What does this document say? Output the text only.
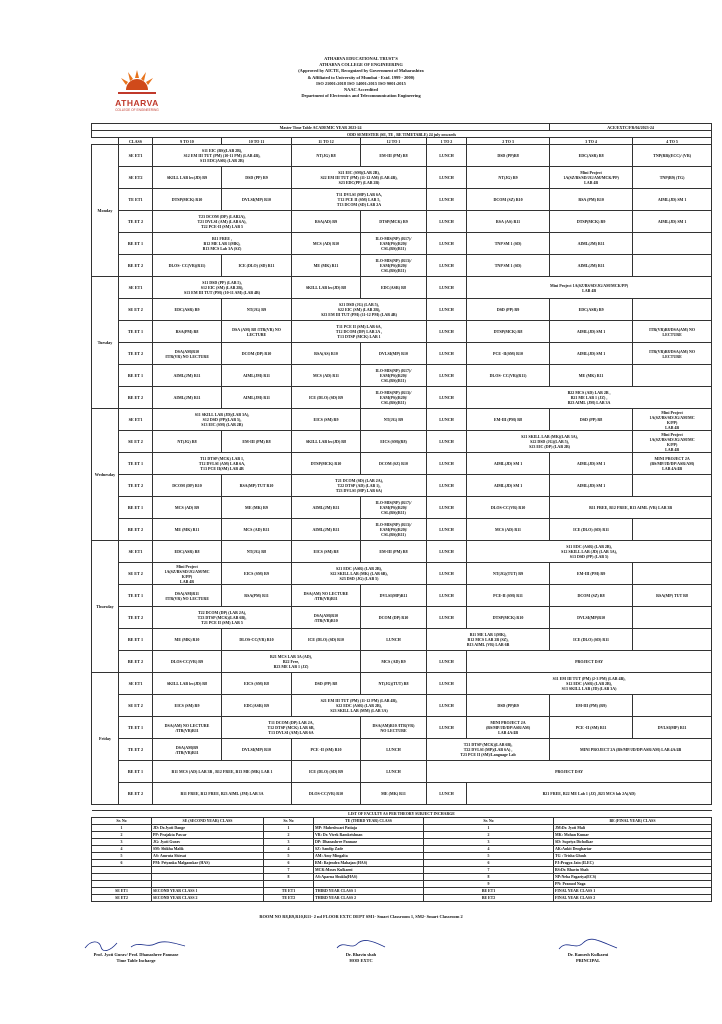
ATHARVA
COLLEGE OF ENGINEERING
ATHARVA EDUCATIONAL TRUST'S
ATHARVA COLLEGE OF ENGINEERING
(Approved by AICTE, Recognized by Government of Maharashtra
& Affiliated to University of Mumbai - Estd. 1999 - 2000)
ISO 21001:2018 ISO 14001:2015 ISO 9001:2015
NAAC Accredited
Department of Electronics and Telecommunication Engineering
Master Time Table ACADEMIC YEAR 2023-24								ACE/EXTC/FR/04/2023-24		
ODD SEMESTER (SE, TE , BE TIMETABLE) 24 july onwards										
	CLASS	9 TO 10	10 TO 11	11 TO 12	12 TO 1	1 TO 2	2 TO 3	3 TO 4	4 TO 5	
Monday	SE ET1	S11 EIC (BS)(LAB 2B),
S12 EM III TUT (PM) (10-11 PM) (LAB 4B),
S13 EDC(ASR) (LAB 2B)		NT(JG) R8	EM-III (PM) R8	LUNCH	DSD (PP)R8	EDC(ASR) R8	TNP(RB)(ECC)/ (VR)	
	SE ET2	SKILL LAB lec(JD) R9	DSD (PP) R9	S21 EIC (SM)(LAB 2B),
S22 EM III TUT (PM) (11-12 AM) (LAB 4B),
S23 EDC(PP) (LAB 2B)		LUNCH	NT(JG) R9	Mini Project
1A(SZ/BS/SD/JG/AM/MCK/PP)
LAB 4B	TNP(B9) (TG)	
	TE ET1	DTSP(MCK) R10	DVLSI(MP) R10	T11 DVLSI (MP) LAB 6A,
T12 PCE II (SM) LAB 5,
T13 DCOM (SD) LAB 2A		LUNCH	DCOM (SZ) R10	RSA (PM) R10	AIML(JD) SM 1	
	TE ET 2	T23 DCOM (DP) (LAB2A),
T21 DVLSI (AM) (LAB 6A),
T22 PCE-II (SM) LAB 5		RSA(AD) R9	DTSP(MCK) R9	LUNCH	RSA (AS) R11	DTSP(MCK) R9	AIML(JD) SM 1	
	BE ET 1	B11 FREE ,
B12 ME LAB 1(MK),
B13 MCS Lab 3A (SZ)		MCS (AD) R10	ILO-MIS(NP) (R17)/
EAM(PS)(R20)/
CSL(BS)(R11)	LUNCH	TNP SM 1 (SD)	AIML(JM) R11		
	BE ET 2	DLOS- CC(VR)(R11)	ICE (DLO) (SD) R11	ME (MK) R11	ILO-MIS(NP) (R13)/
EAM(PS)(R20)/
CSL(BS)(R11)	LUNCH	TNP SM 1 (SD)	AIML(JM) R11		
Tuesday	SE ET1	S11 DSD (PP) (LAB 5),
S12 EIC (SM) (LAB 2B),
S13 EM III TUT (PM) (10-11 AM) (LAB 4B)		SKILL LAB lec(JD) R8	EDC(ASR) R8	LUNCH	Mini Project 1A(SZ/BS/SD/JG/AM/MCK/PP)
LAB 4B			
	SE ET 2	EDC(ASR) R9	NT(JG) R9	S21 DSD (JG) (LAB 5),
S22 EIC (SM) (LAB 2B),
S23 EM III TUT (PM) (11-12 PM) (LAB 4B)		LUNCH	DSD (PP) R9	EDC(ASR) R9		
	TE ET 1	RSA(PM) R8	DSA (AM) R8 /ITR(VR) NO
LECTURE	T11 PCE II (SM) LAB 6A,
T12 DCOM (DP) LAB 2A ,
T13 DTSP (MCK) LAB 1		LUNCH	DTSP(MCK) R8	AIML(JD) SM 1	ITR(VR)R8/DSA(AM) NO
LECTURE	
	TE ET 2	DSA(AM)R10
/ITR(VR) NO LECTURE	DCOM (DP) R10	RSA(AS) R10	DVLSI(MP) R10	LUNCH	PCE -II(SM) R10	AIML(JD) SM 1	ITR(VR)R8/DSA(AM) NO
LECTURE	
	BE ET 1	AIML(JM) R11	AIML(JM) R11	MCS (AD) R11	ILO-MIS(NP) (R17)/
EAM(PS)(R20)/
CSL(BS)(R11)	LUNCH	DLOS- CC(VR)(R11)	ME (MK) R11		
	BE ET 2	AIML(JM) R11	AIML(JM) R11	ICE (DLO) (SD) R9	ILO-MIS(NP) (R13)/
EAM(PS)(R20)/
CSL(BS)(R11)	LUNCH	B22 MCS (AD) LAB 2B ,
B21 ME LAB 1 (JZ) ,
B23 AIML (JM) LAB 3A			
Wednesday	SE ET1	S11 SKILL LAB (JD)(LAB 3A),
S12 DSD (PP)(LAB 5),
S13 EIC (SM) (LAB 2B)		EICS (SM) R9	NT(JG) R9	LUNCH	EM-III (PM) R8	DSD (PP) R8	Mini Project
1A(SZ/BS/SD/JG/AM/MC
K/PP)
LAB 4B	
	SE ET 2	NT(JG) R8	EM-III (PM) R8	SKILL LAB lec(JD) R8	EICS (SM)(R8)	LUNCH	S21 SKILL LAB (MK)(LAB 3A),
S22 DSD (JG)(LAB 5),
S23 EIC (DP) (LAB 2B)		Mini Project
1A(SZ/BS/SD/JG/AM/MC
K/PP)
LAB 4B	
	TE ET 1	T11 DTSP (MCK) LAB 1,
T12 DVLSI (AM) LAB 6A,
T13 PCE II(SM) LAB 4B		DTSP(MCK) R10	DCOM (SZ) R10	LUNCH	AIML(JD) SM 1	AIML(JD) SM 1	MINI PROJECT 2A
(BS/MP/JD/DP/ASR/AM)
LAB 4A/4B	
	TE ET 2	DCOM (DP) R10	RSA(MP) TUT R10	T21 DCOM (SD) (LAB 2A),
T22 DTSP (AD) (LAB 1),
T23 DVLSI (MP) LAB 6A)		LUNCH	AIML(JD) SM 1	AIML(JD) SM 1		
	BE ET 1	MCS (AD) R9	ME (MK) R9	AIML(JM) R11	ILO-MIS(NP) (R17)/
EAM(PS)(R20)/
CSL(BS)(R11)	LUNCH	DLOS-CC(VR) R10	B11 FREE, B12 FREE, B13 AIML (VR) LAB 3B		
	BE ET 2	ME (MK) R11	MCS (AD) R11	AIML(JM) R11	ILO-MIS(NP) (R13)/
EAM(PS)(R20)/
CSL(BS)(R11)	LUNCH	MCS (AD) R11	ICE (DLO) (SD) R11		
Thursday	SE ET1	EDC(ASR) R8	NT(JG) R8	EICS (SM) R8	EM-III (PM) R8	LUNCH	S11 EDC (ASR) (LAB 2B),
S12 SKILL LAB (JD) (LAB 3A),
S13 DSD (PP) (LAB 5)			
	SE ET 2	Mini Project
1A(SZ/BS/SD/JG/AM/MC
K/PP)
LAB 4B	EICS (SM) R9	S21 EDC (ASR) (LAB 2B),
S22 SKILL LAB (MK) (LAB 6B),
S23 DSD (JG) (LAB 5)		LUNCH	NT(JG)(TUT) R9	EM-III (PM) R9		
	TE ET 1	DSA(AM)R11
/ITR(VR) NO LECTURE	RSA(PM) R11	DSA(AM) NO LECTURE
/ITR(VR)R11	DVLSI(MP)R11	LUNCH	PCE-II (SM) R11	DCOM (SZ) R8	RSA(MP) TUT R8	
	TE ET 2	T22 DCOM (DP) (LAB 2A),
T23 DTSP (MCK)(LAB 6B),
T21 PCE II (SM) LAB 5		DSA(AM)R10
/ITR(VR)R10	DCOM (DP) R10	LUNCH	DTSP(MCK) R10	DVLSI(MP)R10		
	BE ET 1	ME (MK) R10	DLOS-CC(VR) R10	ICE (DLO) (SD) R10	LUNCH	B11 ME LAB 1(MK),
B12 MCS LAB 2B (SZ),
B13 AIML (VR) LAB 6B		ICE (DLO) (SD) R11		
	BE ET 2	DLOS-CC(VR) R9	B21 MCS LAB 3A (AD),
B22 Free,
B23 ME LAB 1 (JZ)		MCS (AD) R9	LUNCH	PROJECT DAY			
Friday	SE ET1	SKILL LAB lec(JD) R8	EICS (SM) R8	DSD (PP) R8	NT(JG)(TUT) R8	LUNCH	S11 EM III TUT (PM) (2-3 PM) (LAB 4B),
S12 EDC (ASR) (LAB 2B),
S13 SKILL LAB (JD) (LAB 3A)			
	SE ET 2	EICS (SM) R9	EDC(ASR) R9	S21 EM III TUT (PM) (11-12 PM) (LAB 4B),
S22 EDC (ASR) (LAB 2B),
S23 SKILL LAB (MM) (LAB 3A)		LUNCH	DSD (PP)R9	EM-III (PM) (R9)		
	TE ET 1	DSA(AM) NO LECTURE
/ITR(VR)R11	T11 DCOM (DP) LAB 2A,
T12 DTSP (MCK) LAB 6B,
T13 DVLSI (AM) LAB 6A		DSA(AM)R10 /ITR(VR)
NO LECTURE	LUNCH	MINI PROJECT 2A
(BS/MP/JD/DP/ASR/AM)
LAB 4A/4B	PCE -II (SM) R11	DVLSI(MP) R11	
	TE ET 2	DSA(AM)R9
/ITR(VR)R11	DVLSI(MP) R10	PCE -II (SM) R10	LUNCH	T21 DTSP (MCK)(LAB 6B),
T22 DVLSI (MP)(LAB 6A) ,
T23 PCE II (SM)/Language Lab		MINI PROJECT 2A (BS/MP/JD/DP/ASR/AM) LAB 4A/4B		
	BE ET 1	B11 MCS (AD) LAB 3B , B12 FREE, B13 ME (MK) LAB 1		ICE (DLO) (SD) R9	LUNCH	PROJECT DAY				
	BE ET 2	B11 FREE, B12 FREE, B23 AIML (JM) LAB 3A		DLOS-CC(VR) R10	ME (MK) R11	LUNCH	B21 FREE, B22 ME Lab 1 (JZ) ,B23 MCS lab 2A(AD)			
LIST OF FACULTY AS PER THEORY SUBJECT INCHARGE					
Sr. No	SE (SECOND YEAR) CLASS	Sr. No	TE (THIRD YEAR) CLASS	Sr. No	BE (FINAL YEAR) CLASS
1	JD: Dr.Jyoti Dange	1	MP: Maheshwari Patiaja	1	JM:Dr. Jyoti Mali
2	PP: Prajakta Pawar	2	VR: Dr. Vivek Ramkrishnan	2	MK: Mohan Kumar
3	JG: Jyoti Gurav	3	DP: Dhanashree Pannase	3	SD: Supriya Dicholkar
4	SM: Shikha Malik	4	SZ: Sandip Zade	4	AK:Ankit Deoghariar
5	AS: Amruta Shirsat	5	AM: Amy Mingalta	5	TG : Trisha Ghosh
6	PM: Priyanka Malgaonkar (HAS)	6	RM: Rajendra Mahajan (HAS)	6	PJ:Pragya Jain (ILEC)
		7	MCK:Moses Kulkarni	7	BS:Dr. Bhavin Shah
		8	AS:Aparna Shukla(HAS)	8	NP:Neha Pagariya(ECS)
				9	PN: Pramod Naga
SE ET1	SECOND YEAR CLASS 1	TE ET1	THIRD YEAR CLASS 1	BE ET1	FINAL YEAR CLASS 1
SE ET2	SECOND YEAR CLASS 2	TE ET2	THIRD YEAR CLASS 2	BE ET2	FINAL YEAR CLASS 2
ROOM NO R8,R9,R10,R11- 2 nd FLOOR EXTC DEPT SM1- Smart Classroom 1, SM2- Smart Classroom 2
Prof. Jyoti Gurav/ Prof. Dhanashree Pannase
Time Table Incharge
Dr. Bhavin shah
HOD EXTC
Dr. Ramesh Kulkarni
PRINCIPAL
